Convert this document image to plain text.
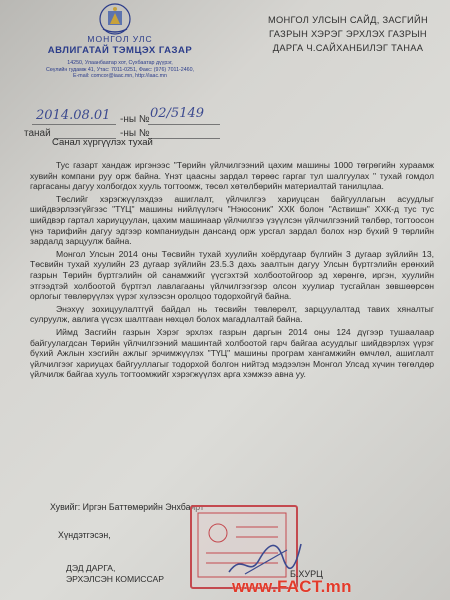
МОНГОЛ УЛС
АВЛИГАТАЙ ТЭМЦЭХ ГАЗАР
14250, Улаанбаатар хот, Сүхбаатар дүүрэг,
Сөүлийн гудамж 41, Утас: 7011-0251, Факс: (976) 7011-2460,
E-mail: comcor@iaac.mn, http://iaac.mn
МОНГОЛ УЛСЫН САЙД, ЗАСГИЙН
ГАЗРЫН ХЭРЭГ ЭРХЛЭХ ГАЗРЫН
ДАРГА Ч.САЙХАНБИЛЭГ ТАНАА
2014.08.01 -ны № 02/5149
танай	-ны №
Санал хүргүүлэх тухай

Тус газарт хандаж иргэнээс "Төрийн үйлчилгээний цахим машины 1000 төгрөгийн хураамж хувийн компани руу орж байна. Үнэт цаасны зардал төрөөс гаргаг тул шалгуулах " тухай гомдол гаргасаны дагуу холбогдох хууль тогтоомж, төсөл хөтөлбөрийн материалтай танилцлаа.

Төслийг хэрэгжүүлэхдээ ашиглалт, үйлчилгээ хариуцсан байгууллагын асуудлыг шийдвэрлээгүйгээс "ТҮЦ" машины нийлүүлэгч "Нэюсоник" ХХК болон "Аствишн" ХХК-д тус тус шийдвэр гартал хариуцуулан, цахим машинаар үйлчилгээ үзүүлсэн үйлчилгээний төлбөр, тогтоосон үнэ тарифийн дагуу эдгээр компаниудын дансанд орж урсгал зардал болох нэр бүхий 9 төрлийн зардалд зарцуулж байна.

Монгол Улсын 2014 оны Төсвийн тухай хуулийн хоёрдугаар бүлгийн 3 дугаар зүйлийн 13, Төсвийн тухай хуулийн 23 дугаар зүйлийн 23.5.3 дахь заалтын дагуу Улсын бүртгэлийн ерөнхий газрын Төрийн бүртгэлийн ой санамжийг үүсгэхтэй холбоотойгоор эд хөрөнгө, иргэн, хуулийн этгээдтэй холбоотой бүртгэл лавлагааны үйлчилгээгээр олсон хуулиар тусгайлан зөвшөөрсөн орлогыг төвлөрүүлэх үүрэг хүлээсэн оролцоо тодорхойгүй байна.

Энэхүү зохицуулалтгүй байдал нь төсвийн төвлөрөлт, зарцуулалтад тавих хяналтыг сулруулж, авлига үүсэх шалтгаан нөхцөл болох магадлалтай байна.

Иймд Засгийн газрын Хэрэг эрхлэх газрын даргын 2014 оны 124 дүгээр тушаалаар байгуулагдсан Төрийн үйлчилгээний машинтай холбоотой гарч байгаа асуудлыг шийдвэрлэх үүрэг бүхий Ажлын хэсгийн ажлыг эрчимжүүлэх "ТҮЦ" машины програм хангамжийн өмчлөл, ашиглалт үйлчилгээг хариуцах байгууллагыг тодорхой болгон нийтэд мэдээлэн Монгол Улсад хүчин төгөлдөр үйлчилж байгаа хууль тогтоомжийг хэрэгжүүлэх арга хэмжээ авна уу.

Хувийг: Иргэн Баттөмөрийн Энхбаярт
Хүндэтгэсэн,
ДЭД ДАРГА,
ЭРХЭЛСЭН КОМИССАР	Б.ХУРЦ
www.FACT.mn
